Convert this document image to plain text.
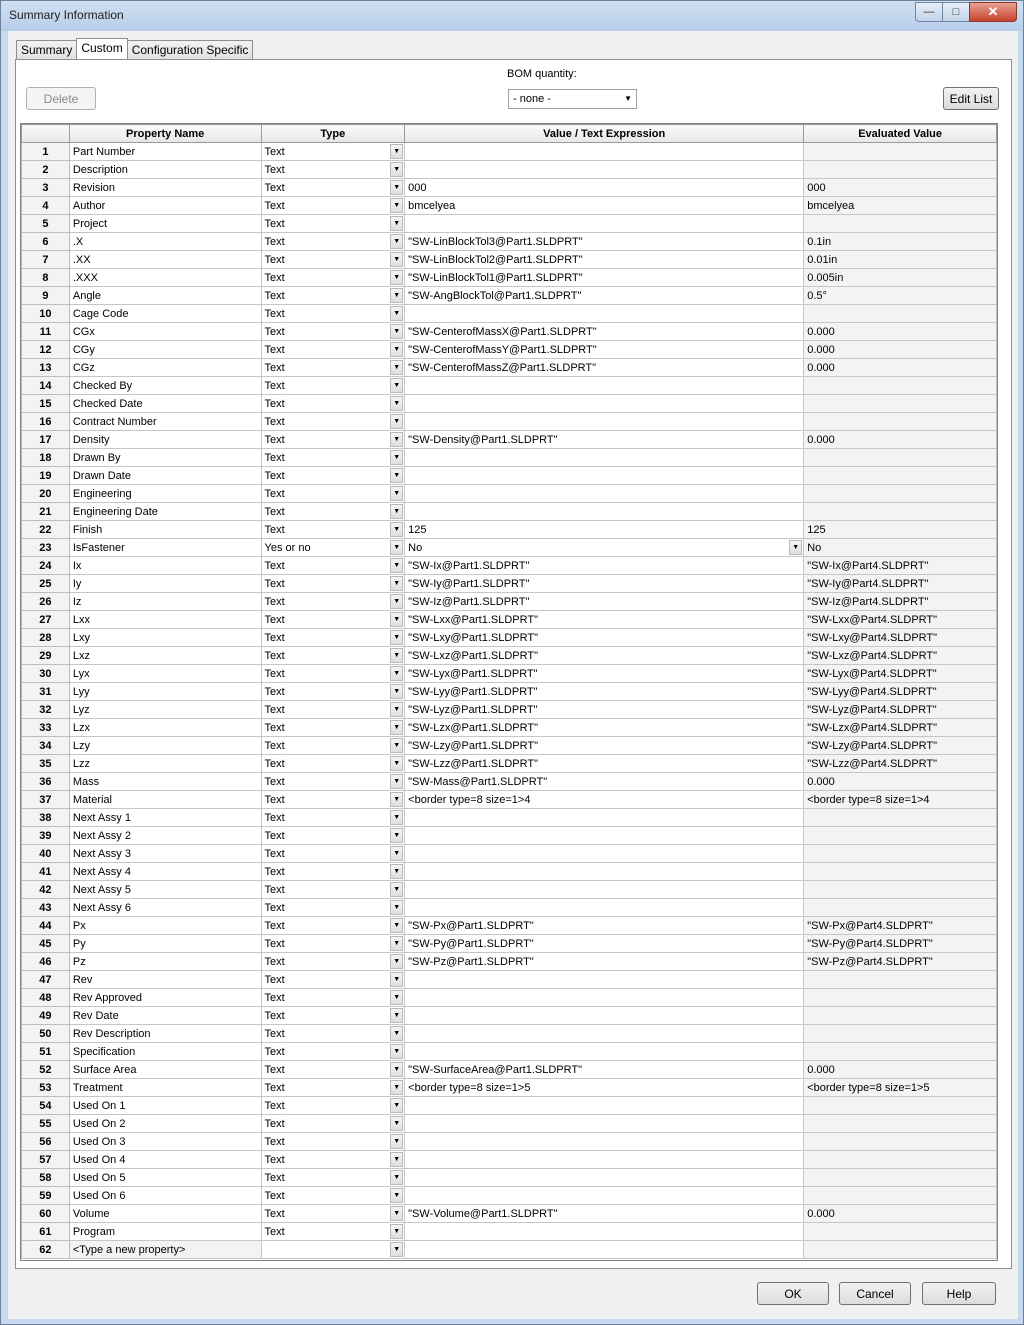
Summary Information	—	□	✕
Summary Custom Configuration Specific
Delete
BOM quantity:
- none -	▼	Edit List
	Property Name	Type	Value / Text Expression	Evaluated Value
1	Part Number	Text ▼		

2	Description	Text ▼		

3	Revision	Text ▼	000	000
4	Author	Text ▼	bmcelyea	bmcelyea
5	Project	Text ▼		

6	.X	Text ▼	"SW-LinBlockTol3@Part1.SLDPRT"	0.1in
7	.XX	Text ▼	"SW-LinBlockTol2@Part1.SLDPRT"	0.01in
8	.XXX	Text ▼	"SW-LinBlockTol1@Part1.SLDPRT"	0.005in
9	Angle	Text ▼	"SW-AngBlockTol@Part1.SLDPRT"	0.5°
10	Cage Code	Text ▼		

11	CGx	Text ▼	"SW-CenterofMassX@Part1.SLDPRT"	0.000
12	CGy	Text ▼	"SW-CenterofMassY@Part1.SLDPRT"	0.000
13	CGz	Text ▼	"SW-CenterofMassZ@Part1.SLDPRT"	0.000
14	Checked By	Text ▼		

15	Checked Date	Text ▼		

16	Contract Number	Text ▼		

17	Density	Text ▼	"SW-Density@Part1.SLDPRT"	0.000
18	Drawn By	Text ▼		

19	Drawn Date	Text ▼		

20	Engineering	Text ▼		

21	Engineering Date	Text ▼		

22	Finish	Text ▼	125	125
23	IsFastener	Yes or no ▼	No ▼	No
24	Ix	Text ▼	"SW-Ix@Part1.SLDPRT"	"SW-Ix@Part4.SLDPRT"
25	Iy	Text ▼	"SW-Iy@Part1.SLDPRT"	"SW-Iy@Part4.SLDPRT"
26	Iz	Text ▼	"SW-Iz@Part1.SLDPRT"	"SW-Iz@Part4.SLDPRT"
27	Lxx	Text ▼	"SW-Lxx@Part1.SLDPRT"	"SW-Lxx@Part4.SLDPRT"
28	Lxy	Text ▼	"SW-Lxy@Part1.SLDPRT"	"SW-Lxy@Part4.SLDPRT"
29	Lxz	Text ▼	"SW-Lxz@Part1.SLDPRT"	"SW-Lxz@Part4.SLDPRT"
30	Lyx	Text ▼	"SW-Lyx@Part1.SLDPRT"	"SW-Lyx@Part4.SLDPRT"
31	Lyy	Text ▼	"SW-Lyy@Part1.SLDPRT"	"SW-Lyy@Part4.SLDPRT"
32	Lyz	Text ▼	"SW-Lyz@Part1.SLDPRT"	"SW-Lyz@Part4.SLDPRT"
33	Lzx	Text ▼	"SW-Lzx@Part1.SLDPRT"	"SW-Lzx@Part4.SLDPRT"
34	Lzy	Text ▼	"SW-Lzy@Part1.SLDPRT"	"SW-Lzy@Part4.SLDPRT"
35	Lzz	Text ▼	"SW-Lzz@Part1.SLDPRT"	"SW-Lzz@Part4.SLDPRT"
36	Mass	Text ▼	"SW-Mass@Part1.SLDPRT"	0.000
37	Material	Text ▼	<border type=8 size=1>4	<border type=8 size=1>4
38	Next Assy 1	Text ▼		

39	Next Assy 2	Text ▼		

40	Next Assy 3	Text ▼		

41	Next Assy 4	Text ▼		

42	Next Assy 5	Text ▼		

43	Next Assy 6	Text ▼		

44	Px	Text ▼	"SW-Px@Part1.SLDPRT"	"SW-Px@Part4.SLDPRT"
45	Py	Text ▼	"SW-Py@Part1.SLDPRT"	"SW-Py@Part4.SLDPRT"
46	Pz	Text ▼	"SW-Pz@Part1.SLDPRT"	"SW-Pz@Part4.SLDPRT"
47	Rev	Text ▼		

48	Rev Approved	Text ▼		

49	Rev Date	Text ▼		

50	Rev Description	Text ▼		

51	Specification	Text ▼		

52	Surface Area	Text ▼	"SW-SurfaceArea@Part1.SLDPRT"	0.000
53	Treatment	Text ▼	<border type=8 size=1>5	<border type=8 size=1>5
54	Used On 1	Text ▼		

55	Used On 2	Text ▼		

56	Used On 3	Text ▼		

57	Used On 4	Text ▼		

58	Used On 5	Text ▼		

59	Used On 6	Text ▼		

60	Volume	Text ▼	"SW-Volume@Part1.SLDPRT"	0.000
61	Program	Text ▼		

62	<Type a new property>	▼		

OK	Cancel	Help
